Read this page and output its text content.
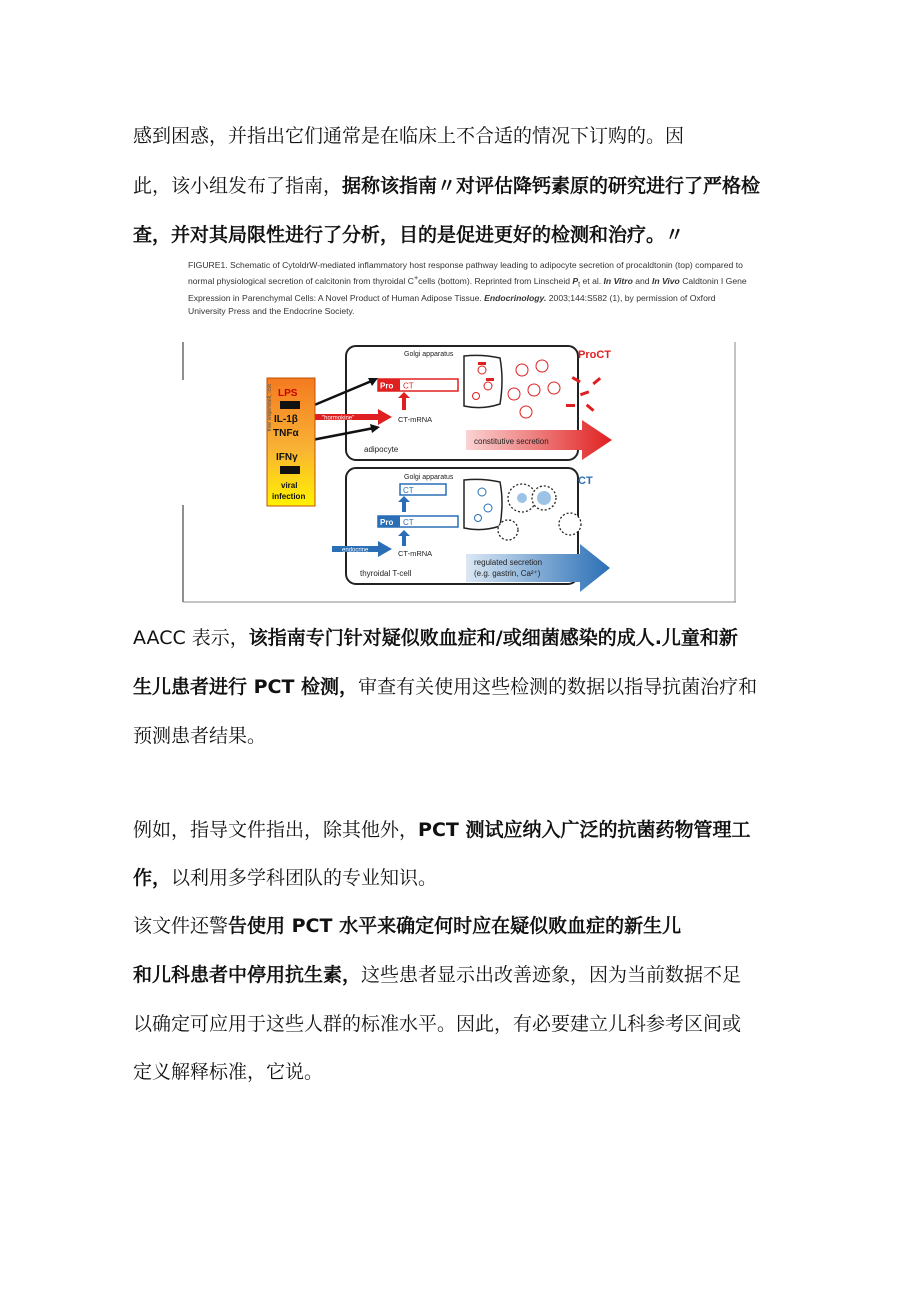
感到困惑，并指出它们通常是在临床上不合适的情况下订购的。因
此，该小组发布了指南，据称该指南〃对评估降钙素原的研究进行了严格检
查，并对其局限性进行了分析，目的是促进更好的检测和治疗。〃
FIGURE1. Schematic of CytoldrW-mediated inflammatory host response pathway leading to adipocyte secretion of procaldtonin (top) compared to normal physiological secretion of calcitonin from thyroidal C+cells (bottom). Reprinted from Linscheid $P_t$ et al. In Vitro and In Vivo Caldtonin I Gene Expression in Parenchymal Cells: A Novel Product of Human Adipose Tissue. Endocrinology. 2003;144:S582 (1), by permission of Oxford University Press and the Endocrine Society.
Golgi apparatus	ProCT
Pro CT
CT-mRNA
"hormokine"
adipocyte
constitutive secretion
LPS
IL-1β
TNFα
IFNγ
viral
infection
ɪʌɔ: 'ʞ̣ıɐʍɹǝʇɐʍ ǝǝɹɟ
Golgi apparatus	CT
CT
Pro CT
CT-mRNA
endocrine
thyroidal T-cell
regulated secretion
(e.g. gastrin, Ca²⁺)
AACC 表示，该指南专门针对疑似败血症和/或细菌感染的成人.儿童和新
生儿患者进行 PCT 检测，审查有关使用这些检测的数据以指导抗菌治疗和
预测患者结果。
例如，指导文件指出，除其他外，PCT 测试应纳入广泛的抗菌药物管理工
作，以利用多学科团队的专业知识。
该文件还警告使用 PCT 水平来确定何时应在疑似败血症的新生儿
和儿科患者中停用抗生素，这些患者显示出改善迹象，因为当前数据不足
以确定可应用于这些人群的标准水平。因此，有必要建立儿科参考区间或
定义解释标准，它说。
